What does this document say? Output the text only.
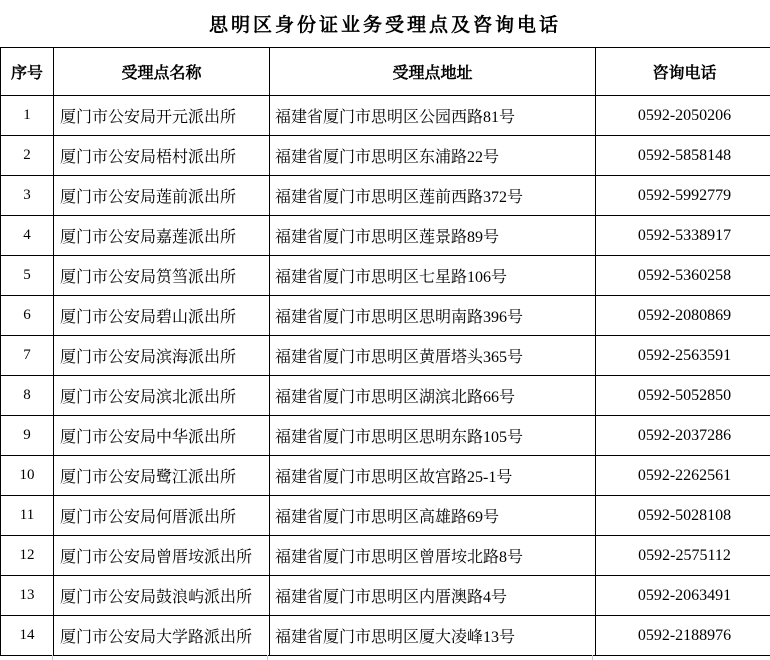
思明区身份证业务受理点及咨询电话
序号	受理点名称	受理点地址	咨询电话
1	厦门市公安局开元派出所	福建省厦门市思明区公园西路81号	0592-2050206
2	厦门市公安局梧村派出所	福建省厦门市思明区东浦路22号	0592-5858148
3	厦门市公安局莲前派出所	福建省厦门市思明区莲前西路372号	0592-5992779
4	厦门市公安局嘉莲派出所	福建省厦门市思明区莲景路89号	0592-5338917
5	厦门市公安局筼筜派出所	福建省厦门市思明区七星路106号	0592-5360258
6	厦门市公安局碧山派出所	福建省厦门市思明区思明南路396号	0592-2080869
7	厦门市公安局滨海派出所	福建省厦门市思明区黄厝塔头365号	0592-2563591
8	厦门市公安局滨北派出所	福建省厦门市思明区湖滨北路66号	0592-5052850
9	厦门市公安局中华派出所	福建省厦门市思明区思明东路105号	0592-2037286
10	厦门市公安局鹭江派出所	福建省厦门市思明区故宫路25-1号	0592-2262561
11	厦门市公安局何厝派出所	福建省厦门市思明区高雄路69号	0592-5028108
12	厦门市公安局曾厝垵派出所	福建省厦门市思明区曾厝垵北路8号	0592-2575112
13	厦门市公安局鼓浪屿派出所	福建省厦门市思明区内厝澳路4号	0592-2063491
14	厦门市公安局大学路派出所	福建省厦门市思明区厦大凌峰13号	0592-2188976
